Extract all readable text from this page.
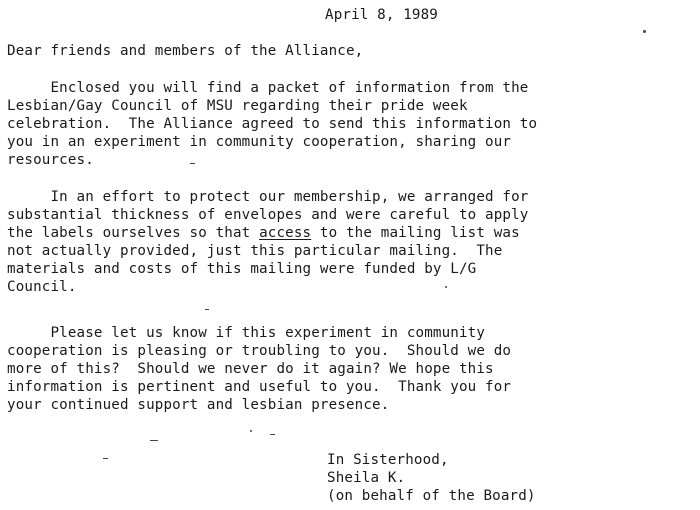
April 8, 1989
Dear friends and members of the Alliance,
Enclosed you will find a packet of information from the
Lesbian/Gay Council of MSU regarding their pride week
celebration.  The Alliance agreed to send this information to
you in an experiment in community cooperation, sharing our
resources.
In an effort to protect our membership, we arranged for
substantial thickness of envelopes and were careful to apply
the labels ourselves so that access to the mailing list was
not actually provided, just this particular mailing.  The
materials and costs of this mailing were funded by L/G
Council.
Please let us know if this experiment in community
cooperation is pleasing or troubling to you.  Should we do
more of this?  Should we never do it again? We hope this
information is pertinent and useful to you.  Thank you for
your continued support and lesbian presence.
In Sisterhood,
Sheila K.
(on behalf of the Board)
